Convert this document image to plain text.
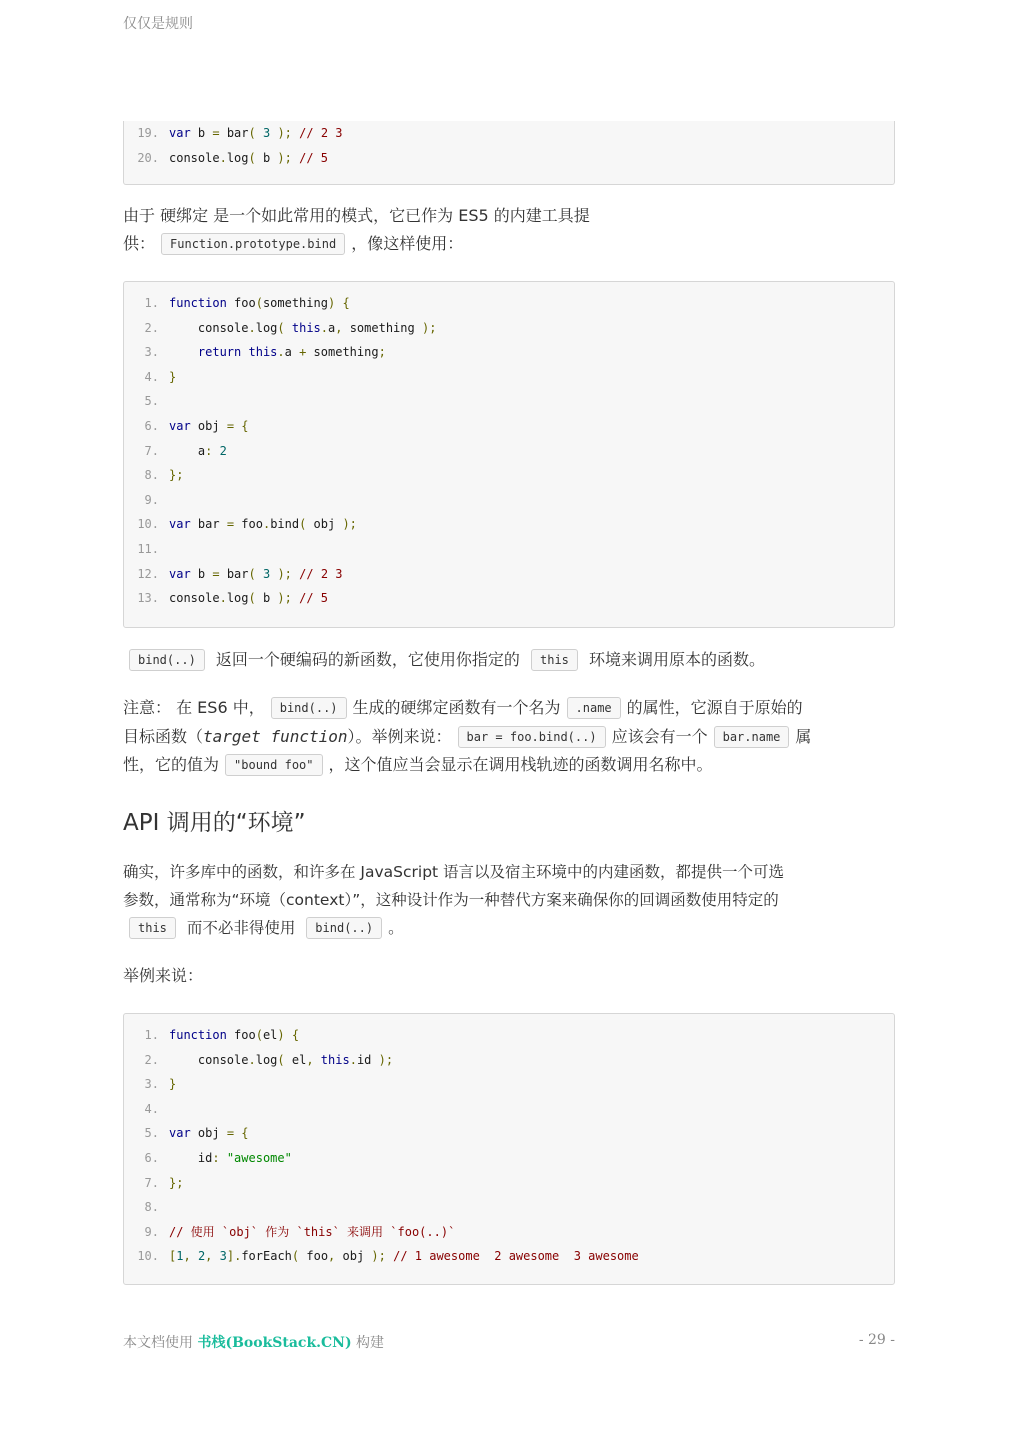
仅仅是规则
19. var b = bar( 3 ); // 2 3
20. console.log( b ); // 5
由于 硬绑定 是一个如此常用的模式，它已作为 ES5 的内建工具提
供： Function.prototype.bind ，像这样使用：
1. function foo(something) {
2. console.log( this.a, something );
3.	return this.a + something;
4. }
5.
6. var obj = {
7. a: 2
8. };
9.
10. var bar = foo.bind( obj );
11.
12. var b = bar( 3 ); // 2 3
13. console.log( b ); // 5
bind(..) 返回一个硬编码的新函数，它使用你指定的 this 环境来调用原本的函数。
注意： 在 ES6 中， bind(..) 生成的硬绑定函数有一个名为 .name 的属性，它源自于原始的
目标函数（target function）。举例来说： bar = foo.bind(..) 应该会有一个 bar.name 属
性，它的值为 "bound foo" ，这个值应当会显示在调用栈轨迹的函数调用名称中。
API 调用的“环境”
确实，许多库中的函数，和许多在 JavaScript 语言以及宿主环境中的内建函数，都提供一个可选
参数，通常称为“环境（context）”，这种设计作为一种替代方案来确保你的回调函数使用特定的
this 而不必非得使用 bind(..) 。
举例来说：
1. function foo(el) {
2. console.log( el, this.id );
3. }
4.
5. var obj = {
6. id: "awesome"
7. };
8.
9. // 使用 `obj` 作为 `this` 来调用 `foo(..)`
10. [1, 2, 3].forEach( foo, obj ); // 1 awesome  2 awesome  3 awesome
本文档使用 书栈(BookStack.CN) 构建	- 29 -
